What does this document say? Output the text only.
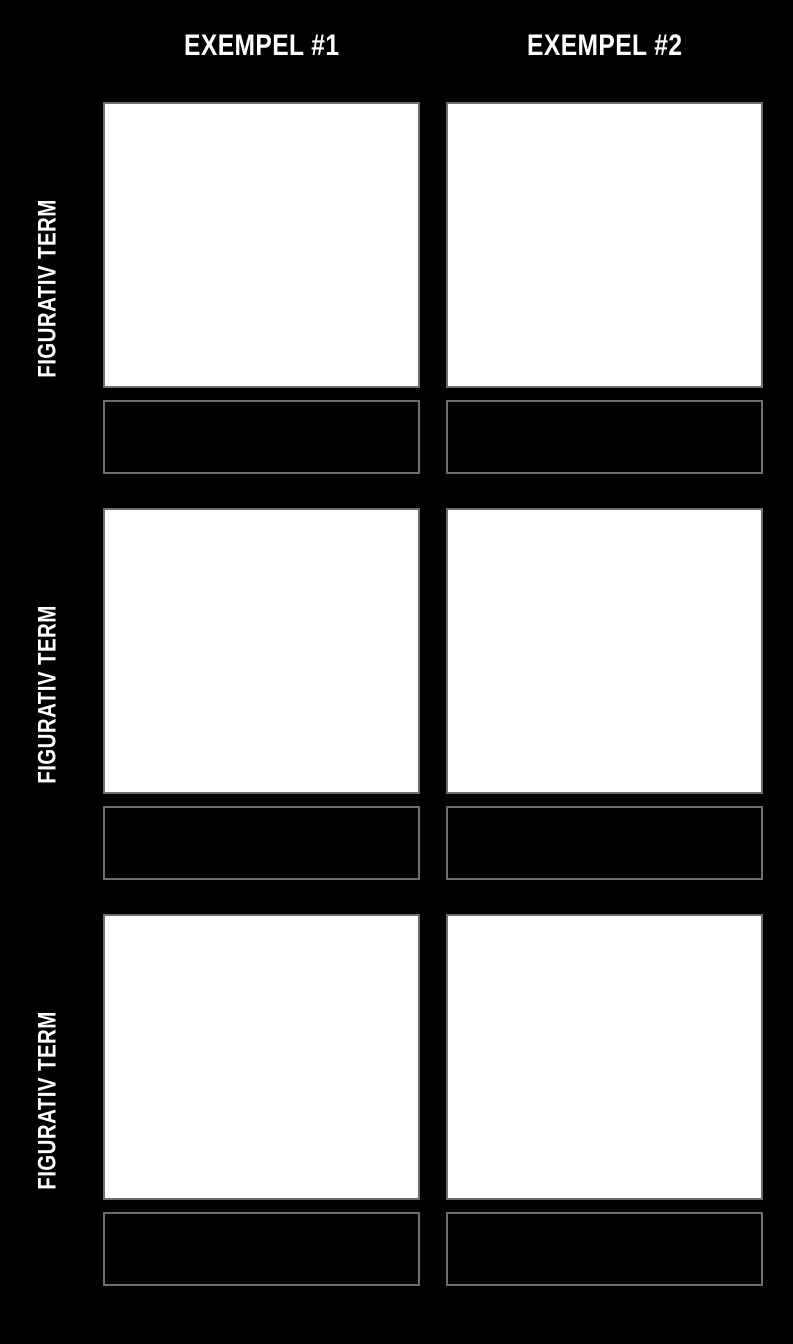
EXEMPEL #1	EXEMPEL #2
FIGURATIV TERM
FIGURATIV TERM
FIGURATIV TERM
